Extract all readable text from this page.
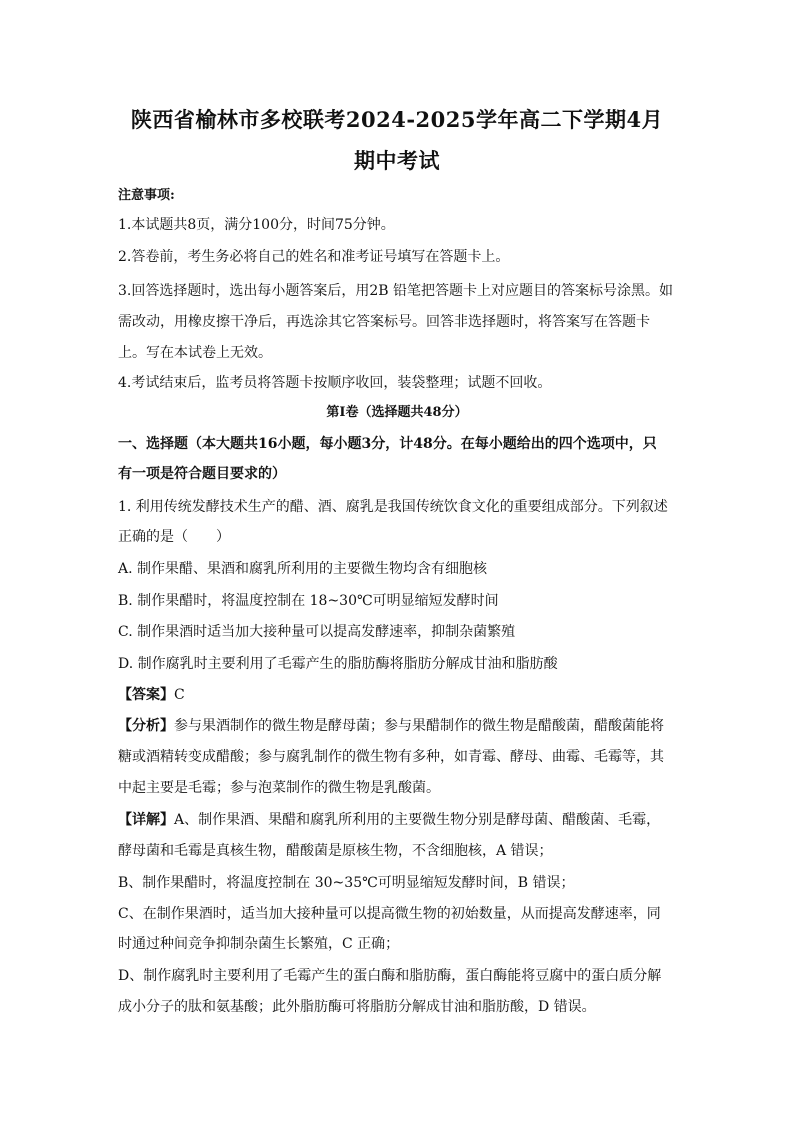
陕西省榆林市多校联考2024-2025学年高二下学期4月
期中考试
注意事项:
1.本试题共8页，满分100分，时间75分钟。
2.答卷前，考生务必将自己的姓名和准考证号填写在答题卡上。
3.回答选择题时，选出每小题答案后，用2B 铅笔把答题卡上对应题目的答案标号涂黑。如
需改动，用橡皮擦干净后，再选涂其它答案标号。回答非选择题时，将答案写在答题卡
上。写在本试卷上无效。
4.考试结束后，监考员将答题卡按顺序收回，装袋整理；试题不回收。
第Ⅰ卷（选择题共48分）
一、选择题（本大题共16小题，每小题3分，计48分。在每小题给出的四个选项中，只
有一项是符合题目要求的）
1. 利用传统发酵技术生产的醋、酒、腐乳是我国传统饮食文化的重要组成部分。下列叙述
正确的是（　　）
A. 制作果醋、果酒和腐乳所利用的主要微生物均含有细胞核
B. 制作果醋时，将温度控制在 18~30℃可明显缩短发酵时间
C. 制作果酒时适当加大接种量可以提高发酵速率，抑制杂菌繁殖
D. 制作腐乳时主要利用了毛霉产生的脂肪酶将脂肪分解成甘油和脂肪酸
【答案】C
【分析】参与果酒制作的微生物是酵母菌；参与果醋制作的微生物是醋酸菌，醋酸菌能将
糖或酒精转变成醋酸；参与腐乳制作的微生物有多种，如青霉、酵母、曲霉、毛霉等，其
中起主要是毛霉；参与泡菜制作的微生物是乳酸菌。
【详解】A、制作果酒、果醋和腐乳所利用的主要微生物分别是酵母菌、醋酸菌、毛霉，
酵母菌和毛霉是真核生物，醋酸菌是原核生物，不含细胞核，A 错误；
B、制作果醋时，将温度控制在 30~35℃可明显缩短发酵时间，B 错误；
C、在制作果酒时，适当加大接种量可以提高微生物的初始数量，从而提高发酵速率，同
时通过种间竞争抑制杂菌生长繁殖，C 正确；
D、制作腐乳时主要利用了毛霉产生的蛋白酶和脂肪酶，蛋白酶能将豆腐中的蛋白质分解
成小分子的肽和氨基酸；此外脂肪酶可将脂肪分解成甘油和脂肪酸，D 错误。
